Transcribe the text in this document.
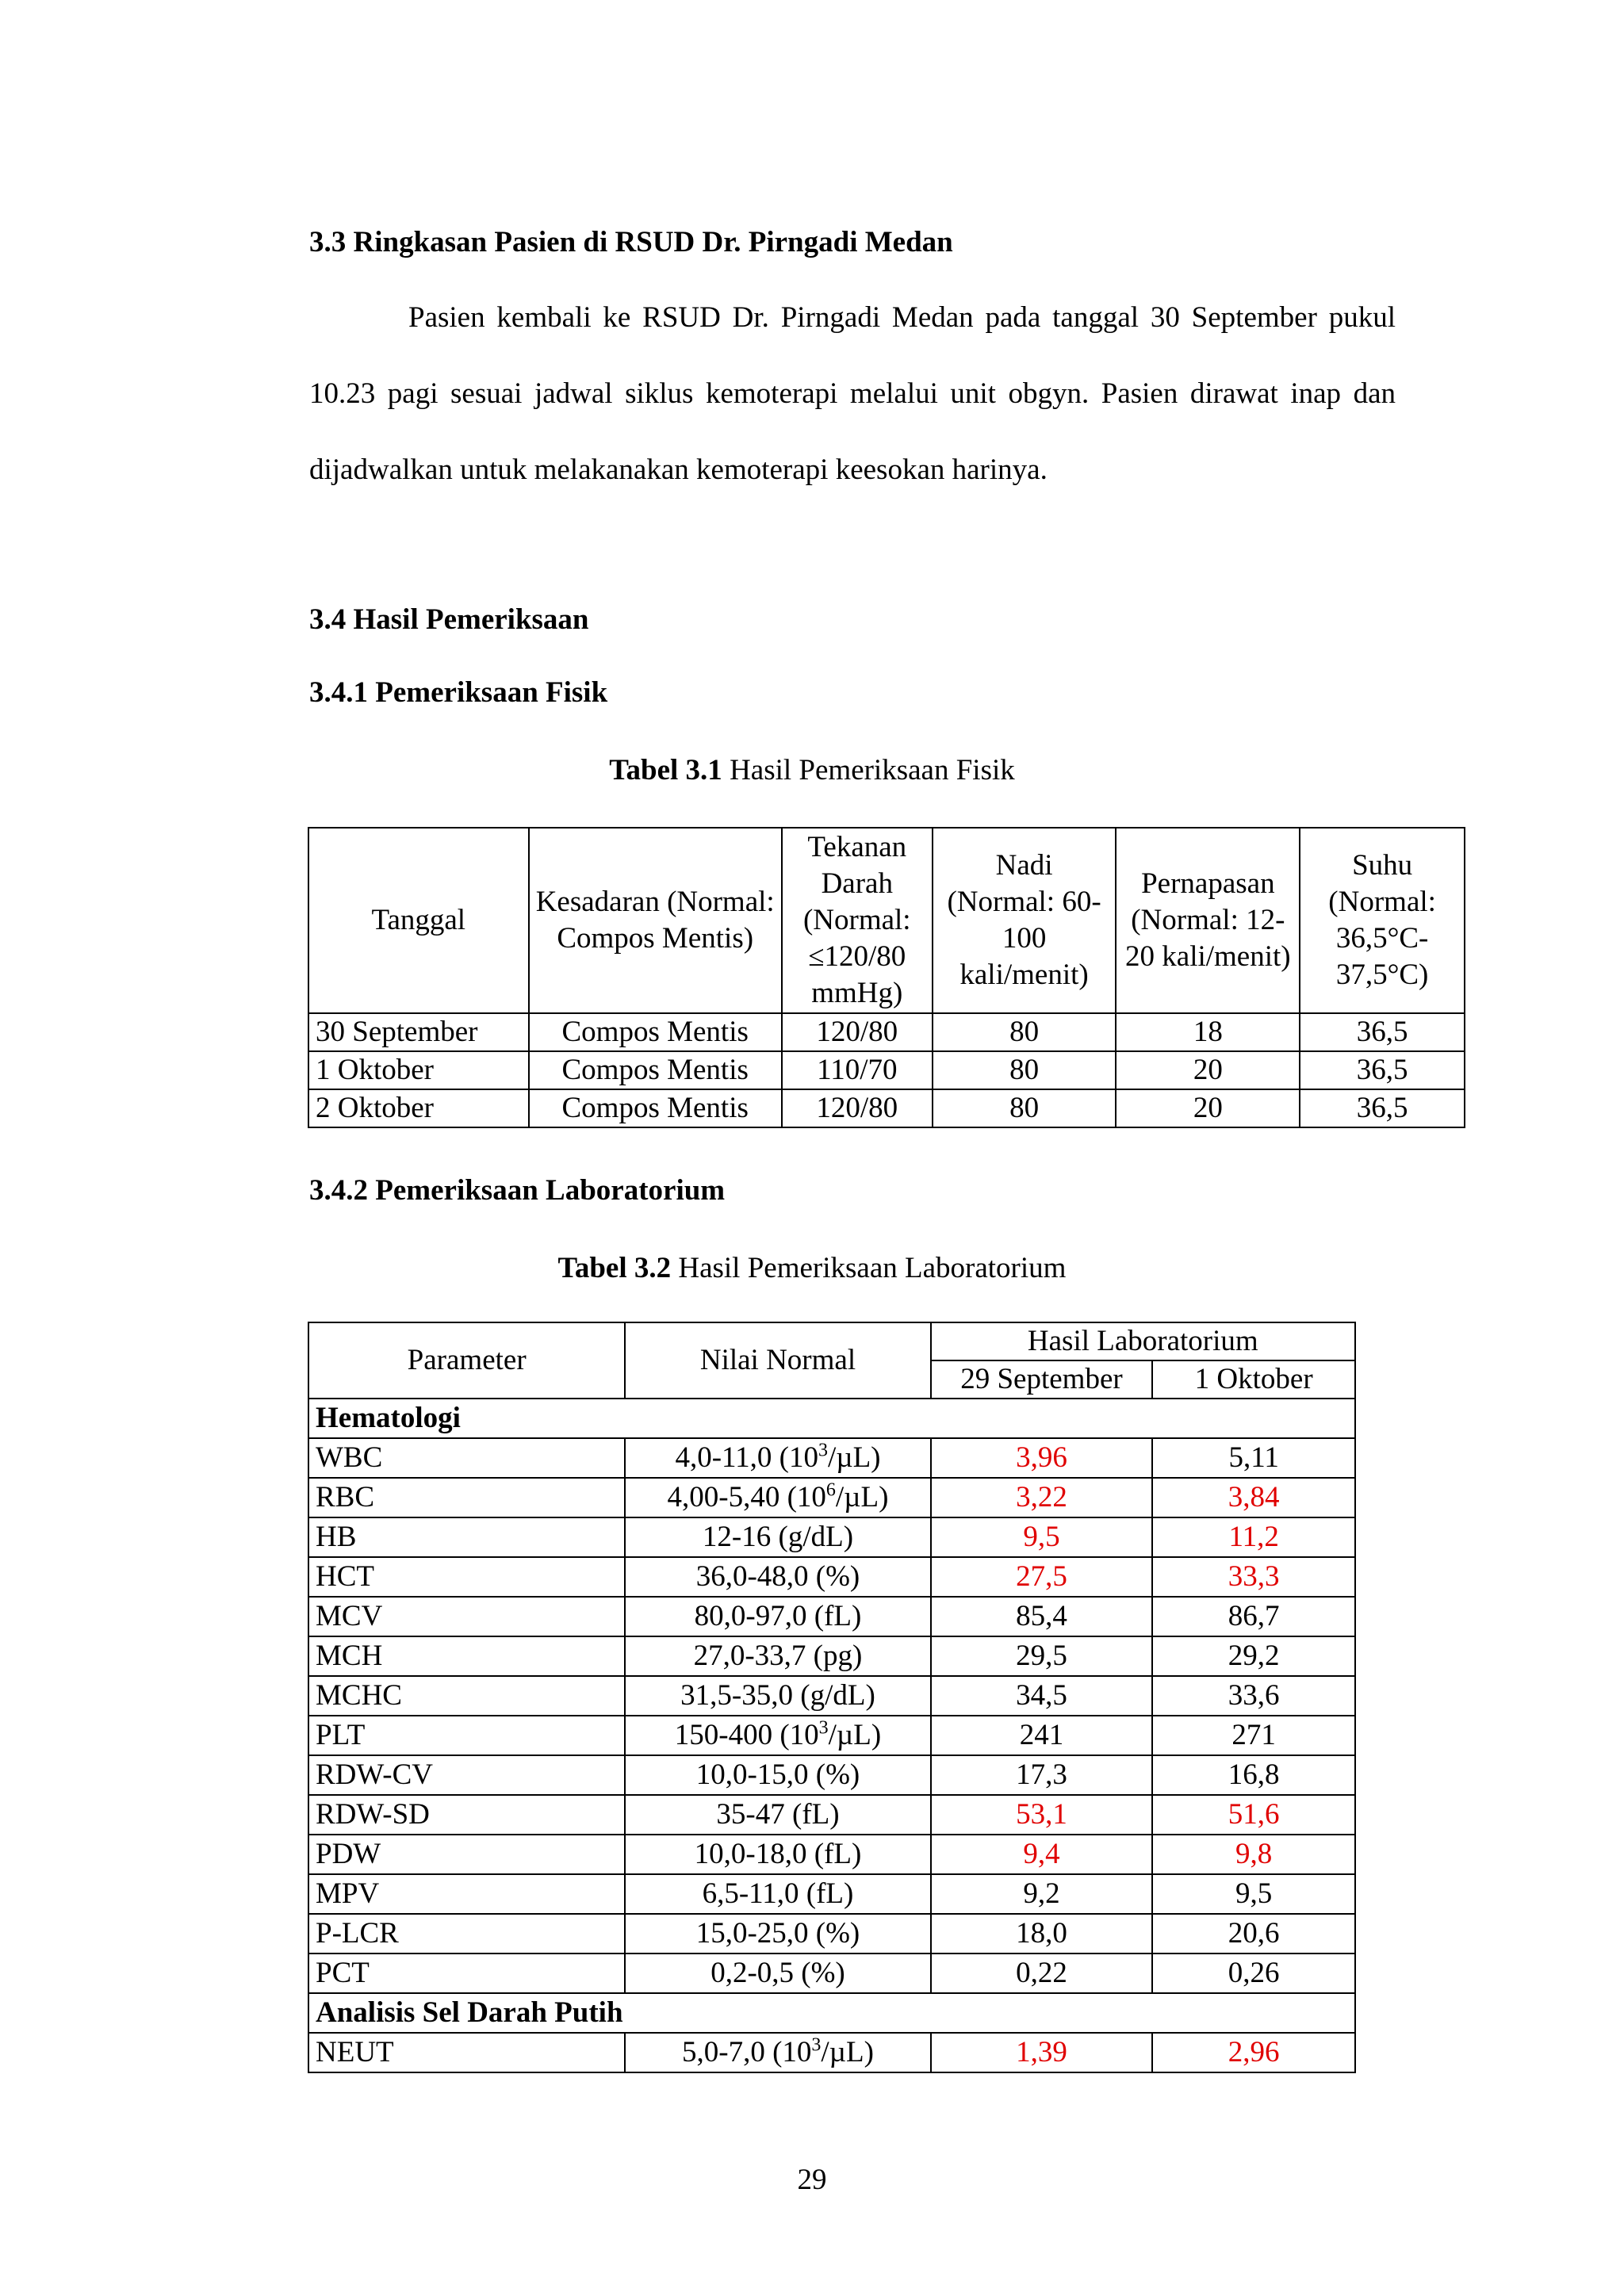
3.3 Ringkasan Pasien di RSUD Dr. Pirngadi Medan

Pasien kembali ke RSUD Dr. Pirngadi Medan pada tanggal 30 September pukul 10.23 pagi sesuai jadwal siklus kemoterapi melalui unit obgyn. Pasien dirawat inap dan dijadwalkan untuk melakanakan kemoterapi keesokan harinya.

3.4 Hasil Pemeriksaan
3.4.1 Pemeriksaan Fisik
Tabel 3.1 Hasil Pemeriksaan Fisik
Tanggal	Kesadaran (Normal: Compos Mentis)	Tekanan Darah (Normal: ≤120/80 mmHg)	Nadi (Normal: 60-100 kali/menit)	Pernapasan (Normal: 12-20 kali/menit)	Suhu (Normal: 36,5°C-37,5°C)
30 September	Compos Mentis	120/80	80	18	36,5
1 Oktober	Compos Mentis	110/70	80	20	36,5
2 Oktober	Compos Mentis	120/80	80	20	36,5
3.4.2 Pemeriksaan Laboratorium
Tabel 3.2 Hasil Pemeriksaan Laboratorium
Parameter	Nilai Normal	Hasil Laboratorium	
		29 September	1 Oktober
Hematologi			
WBC	4,0-11,0 $(10^3/\mu L)$	3,96	5,11
RBC	4,00-5,40 $(10^6/\mu L)$	3,22	3,84
HB	12-16 (g/dL)	9,5	11,2
HCT	36,0-48,0 (%)	27,5	33,3
MCV	80,0-97,0 (fL)	85,4	86,7
MCH	27,0-33,7 (pg)	29,5	29,2
MCHC	31,5-35,0 (g/dL)	34,5	33,6
PLT	150-400 $(10^3/\mu L)$	241	271
RDW-CV	10,0-15,0 (%)	17,3	16,8
RDW-SD	35-47 (fL)	53,1	51,6
PDW	10,0-18,0 (fL)	9,4	9,8
MPV	6,5-11,0 (fL)	9,2	9,5
P-LCR	15,0-25,0 (%)	18,0	20,6
PCT	0,2-0,5 (%)	0,22	0,26
Analisis Sel Darah Putih			
NEUT	5,0-7,0 $(10^3/\mu L)$	1,39	2,96
29
